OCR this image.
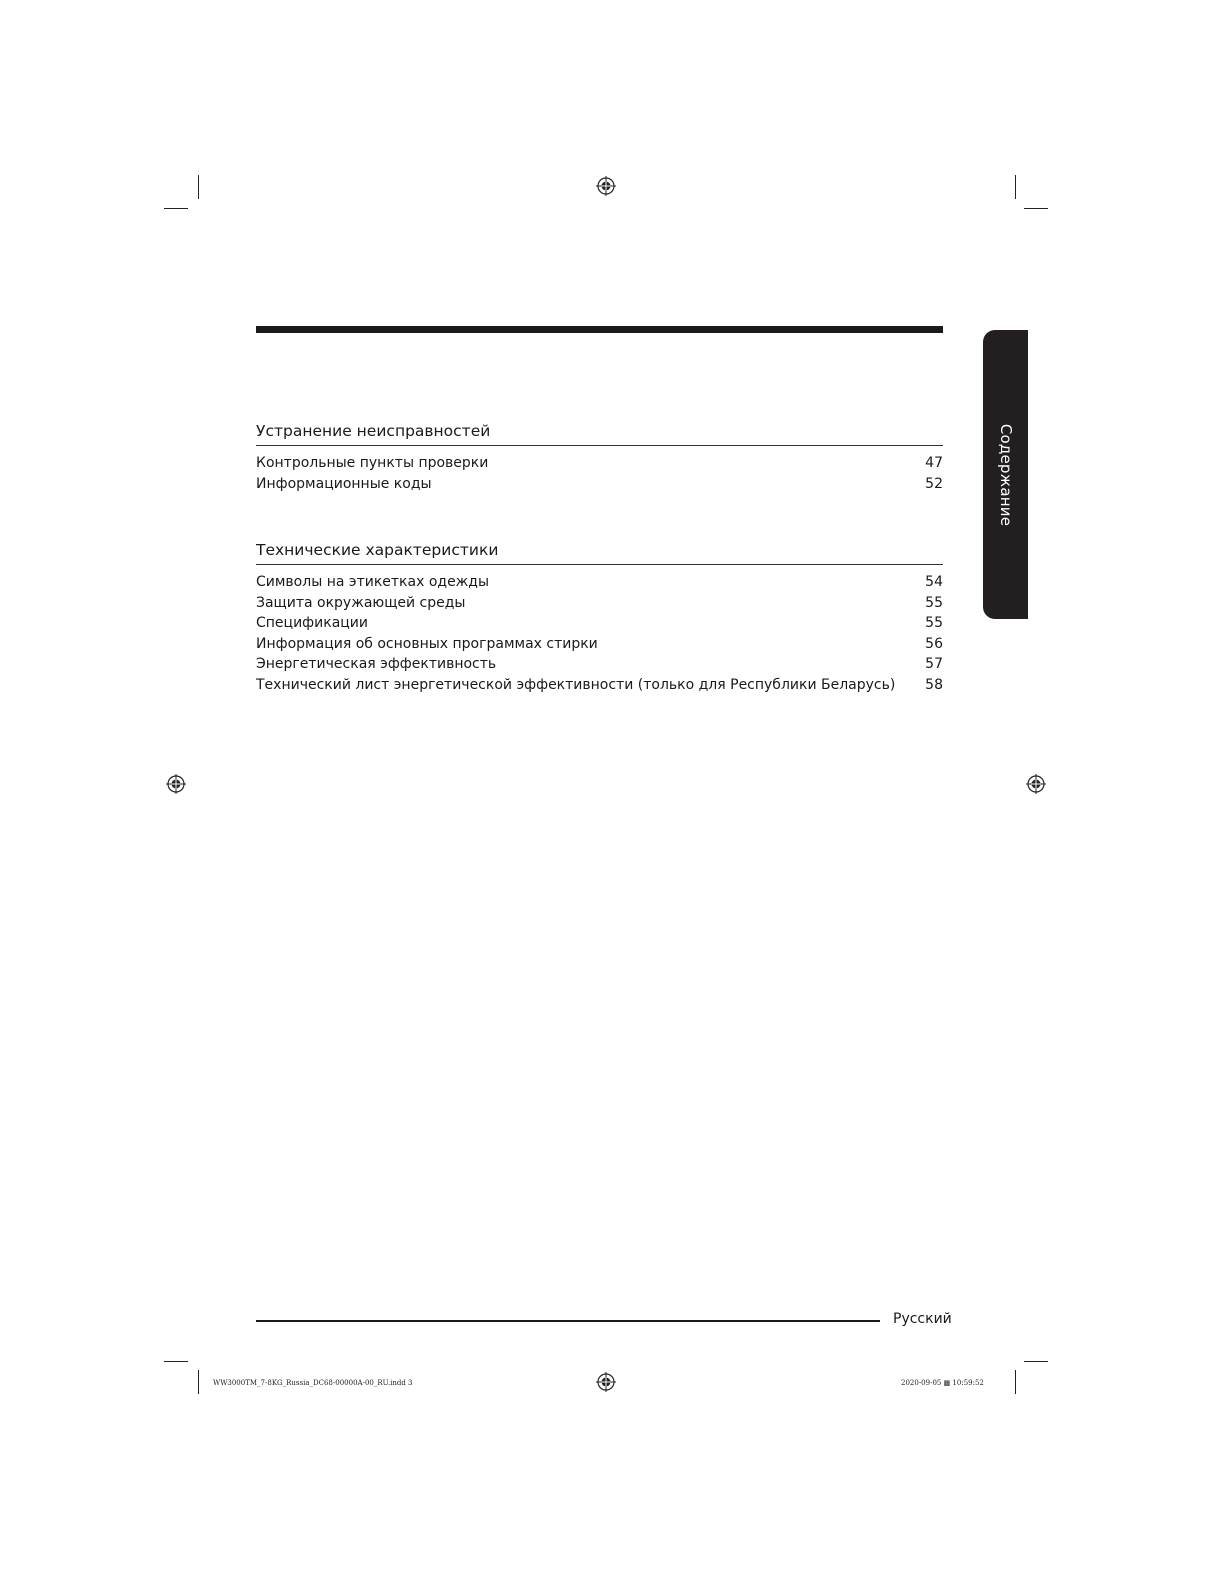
Содержание
Устранение неисправностей
Контрольные пункты проверки	47
Информационные коды	52
Технические характеристики
Символы на этикетках одежды	54
Защита окружающей среды	55
Спецификации	55
Информация об основных программах стирки	56
Энергетическая эффективность	57
Технический лист энергетической эффективности (только для Республики Беларусь) 58
Русский
WW3000TM_7-8KG_Russia_DC68-00000A-00_RU.indd 3	2020-09-05 ▩ 10:59:52
